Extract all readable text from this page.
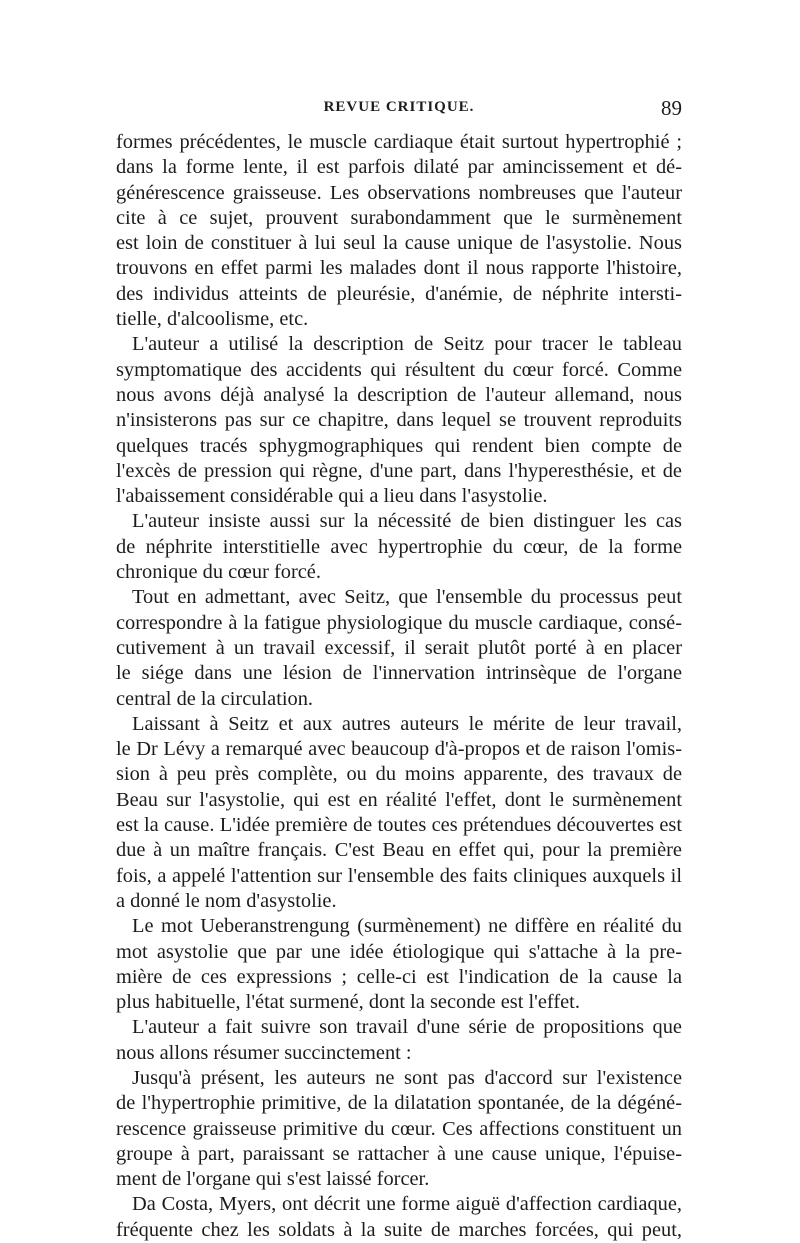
REVUE CRITIQUE.	89
formes précédentes, le muscle cardiaque était surtout hypertrophié ;
dans la forme lente, il est parfois dilaté par amincissement et dé-
générescence graisseuse. Les observations nombreuses que l'auteur
cite à ce sujet, prouvent surabondamment que le surmènement
est loin de constituer à lui seul la cause unique de l'asystolie. Nous
trouvons en effet parmi les malades dont il nous rapporte l'histoire,
des individus atteints de pleurésie, d'anémie, de néphrite intersti-
tielle, d'alcoolisme, etc.
L'auteur a utilisé la description de Seitz pour tracer le tableau
symptomatique des accidents qui résultent du cœur forcé. Comme
nous avons déjà analysé la description de l'auteur allemand, nous
n'insisterons pas sur ce chapitre, dans lequel se trouvent reproduits
quelques tracés sphygmographiques qui rendent bien compte de
l'excès de pression qui règne, d'une part, dans l'hyperesthésie, et de
l'abaissement considérable qui a lieu dans l'asystolie.
L'auteur insiste aussi sur la nécessité de bien distinguer les cas
de néphrite interstitielle avec hypertrophie du cœur, de la forme
chronique du cœur forcé.
Tout en admettant, avec Seitz, que l'ensemble du processus peut
correspondre à la fatigue physiologique du muscle cardiaque, consé-
cutivement à un travail excessif, il serait plutôt porté à en placer
le siége dans une lésion de l'innervation intrinsèque de l'organe
central de la circulation.
Laissant à Seitz et aux autres auteurs le mérite de leur travail,
le Dr Lévy a remarqué avec beaucoup d'à-propos et de raison l'omis-
sion à peu près complète, ou du moins apparente, des travaux de
Beau sur l'asystolie, qui est en réalité l'effet, dont le surmènement
est la cause. L'idée première de toutes ces prétendues découvertes est
due à un maître français. C'est Beau en effet qui, pour la première
fois, a appelé l'attention sur l'ensemble des faits cliniques auxquels il
a donné le nom d'asystolie.
Le mot Ueberanstrengung (surmènement) ne diffère en réalité du
mot asystolie que par une idée étiologique qui s'attache à la pre-
mière de ces expressions ; celle-ci est l'indication de la cause la
plus habituelle, l'état surmené, dont la seconde est l'effet.
L'auteur a fait suivre son travail d'une série de propositions que
nous allons résumer succinctement :
Jusqu'à présent, les auteurs ne sont pas d'accord sur l'existence
de l'hypertrophie primitive, de la dilatation spontanée, de la dégéné-
rescence graisseuse primitive du cœur. Ces affections constituent un
groupe à part, paraissant se rattacher à une cause unique, l'épuise-
ment de l'organe qui s'est laissé forcer.
Da Costa, Myers, ont décrit une forme aiguë d'affection cardiaque,
fréquente chez les soldats à la suite de marches forcées, qui peut,
